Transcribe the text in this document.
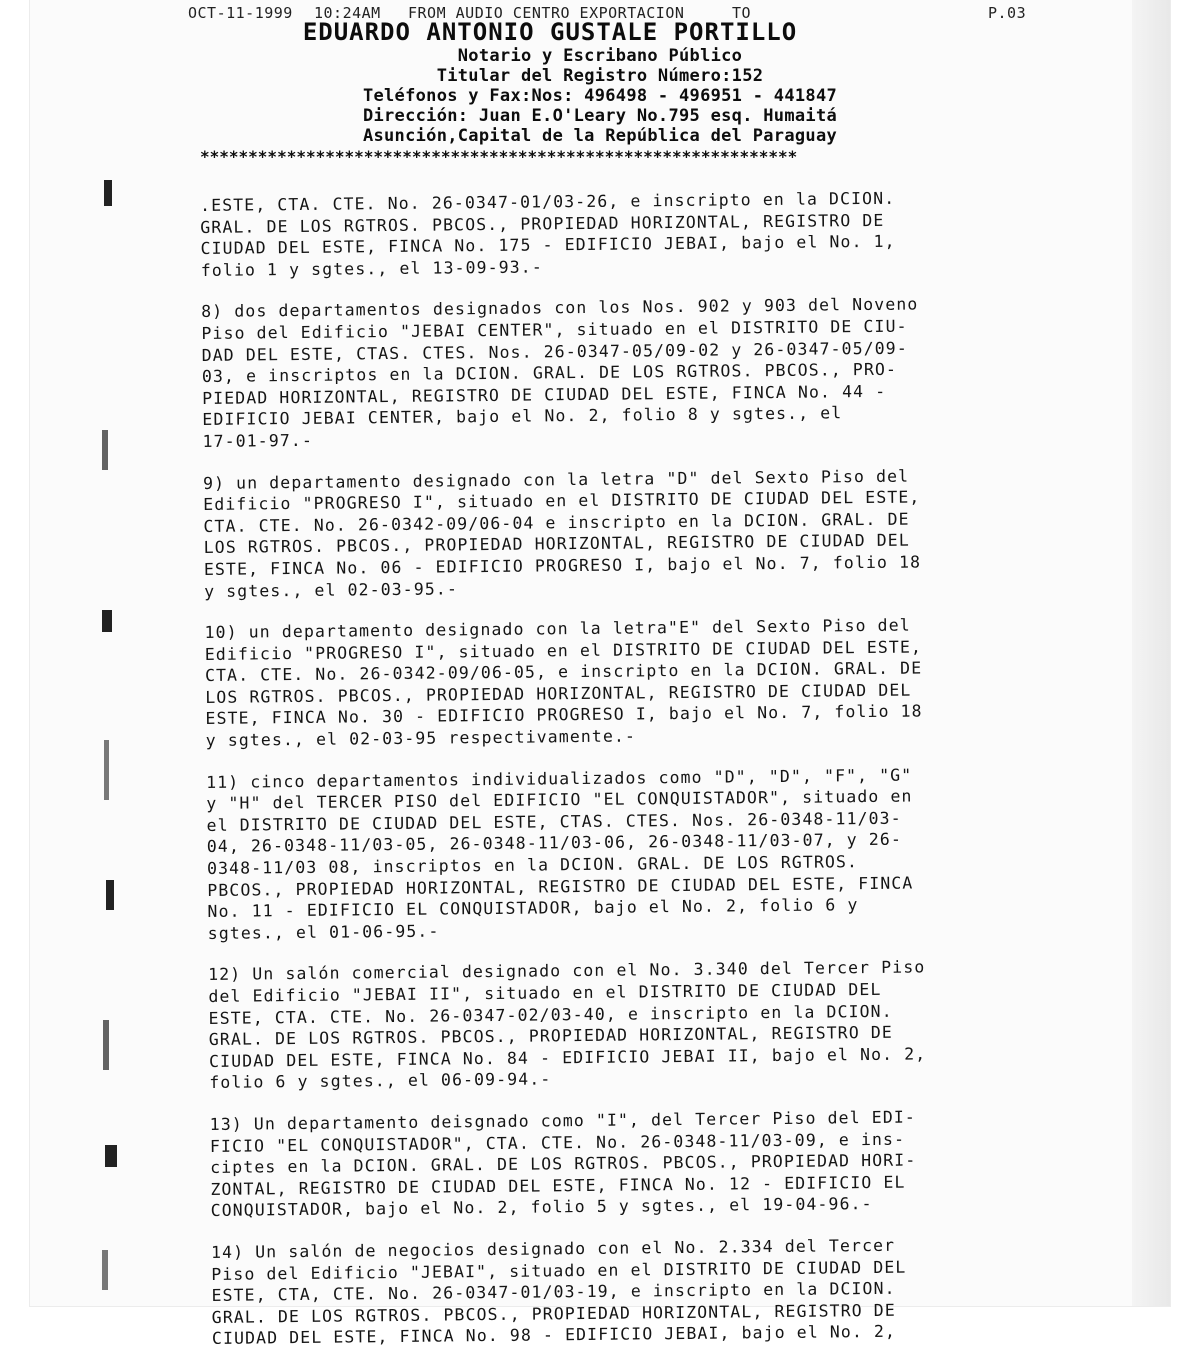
OCT-11-1999 10:24AM FROM AUDIO CENTRO EXPORTACION	TO	P.03
EDUARDO ANTONIO GUSTALE PORTILLO
Notario y Escribano Público
Titular del Registro Número:152
Teléfonos y Fax:Nos: 496498 - 496951 - 441847
Dirección: Juan E.O'Leary No.795 esq. Humaitá
Asunción,Capital de la República del Paraguay
**************************************************************

.ESTE, CTA. CTE. No. 26-0347-01/03-26, e inscripto en la DCION.
GRAL. DE LOS RGTROS. PBCOS., PROPIEDAD HORIZONTAL, REGISTRO DE
CIUDAD DEL ESTE, FINCA No. 175 - EDIFICIO JEBAI, bajo el No. 1,
folio 1 y sgtes., el 13-09-93.-

8) dos departamentos designados con los Nos. 902 y 903 del Noveno
Piso del Edificio "JEBAI CENTER", situado en el DISTRITO DE CIU-
DAD DEL ESTE, CTAS. CTES. Nos. 26-0347-05/09-02 y 26-0347-05/09-
03, e inscriptos en la DCION. GRAL. DE LOS RGTROS. PBCOS., PRO-
PIEDAD HORIZONTAL, REGISTRO DE CIUDAD DEL ESTE, FINCA No. 44 -
EDIFICIO JEBAI CENTER, bajo el No. 2, folio 8 y sgtes., el
17-01-97.-

9) un departamento designado con la letra "D" del Sexto Piso del
Edificio "PROGRESO I", situado en el DISTRITO DE CIUDAD DEL ESTE,
CTA. CTE. No. 26-0342-09/06-04 e inscripto en la DCION. GRAL. DE
LOS RGTROS. PBCOS., PROPIEDAD HORIZONTAL, REGISTRO DE CIUDAD DEL
ESTE, FINCA No. 06 - EDIFICIO PROGRESO I, bajo el No. 7, folio 18
y sgtes., el 02-03-95.-

10) un departamento designado con la letra"E" del Sexto Piso del
Edificio "PROGRESO I", situado en el DISTRITO DE CIUDAD DEL ESTE,
CTA. CTE. No. 26-0342-09/06-05, e inscripto en la DCION. GRAL. DE
LOS RGTROS. PBCOS., PROPIEDAD HORIZONTAL, REGISTRO DE CIUDAD DEL
ESTE, FINCA No. 30 - EDIFICIO PROGRESO I, bajo el No. 7, folio 18
y sgtes., el 02-03-95 respectivamente.-

11) cinco departamentos individualizados como "D", "D", "F", "G"
y "H" del TERCER PISO del EDIFICIO "EL CONQUISTADOR", situado en
el DISTRITO DE CIUDAD DEL ESTE, CTAS. CTES. Nos. 26-0348-11/03-
04, 26-0348-11/03-05, 26-0348-11/03-06, 26-0348-11/03-07, y 26-
0348-11/03 08, inscriptos en la DCION. GRAL. DE LOS RGTROS.
PBCOS., PROPIEDAD HORIZONTAL, REGISTRO DE CIUDAD DEL ESTE, FINCA
No. 11 - EDIFICIO EL CONQUISTADOR, bajo el No. 2, folio 6 y
sgtes., el 01-06-95.-

12) Un salón comercial designado con el No. 3.340 del Tercer Piso
del Edificio "JEBAI II", situado en el DISTRITO DE CIUDAD DEL
ESTE, CTA. CTE. No. 26-0347-02/03-40, e inscripto en la DCION.
GRAL. DE LOS RGTROS. PBCOS., PROPIEDAD HORIZONTAL, REGISTRO DE
CIUDAD DEL ESTE, FINCA No. 84 - EDIFICIO JEBAI II, bajo el No. 2,
folio 6 y sgtes., el 06-09-94.-

13) Un departamento deisgnado como "I", del Tercer Piso del EDI-
FICIO "EL CONQUISTADOR", CTA. CTE. No. 26-0348-11/03-09, e ins-
ciptes en la DCION. GRAL. DE LOS RGTROS. PBCOS., PROPIEDAD HORI-
ZONTAL, REGISTRO DE CIUDAD DEL ESTE, FINCA No. 12 - EDIFICIO EL
CONQUISTADOR, bajo el No. 2, folio 5 y sgtes., el 19-04-96.-

14) Un salón de negocios designado con el No. 2.334 del Tercer
Piso del Edificio "JEBAI", situado en el DISTRITO DE CIUDAD DEL
ESTE, CTA, CTE. No. 26-0347-01/03-19, e inscripto en la DCION.
GRAL. DE LOS RGTROS. PBCOS., PROPIEDAD HORIZONTAL, REGISTRO DE
CIUDAD DEL ESTE, FINCA No. 98 - EDIFICIO JEBAI, bajo el No. 2,
